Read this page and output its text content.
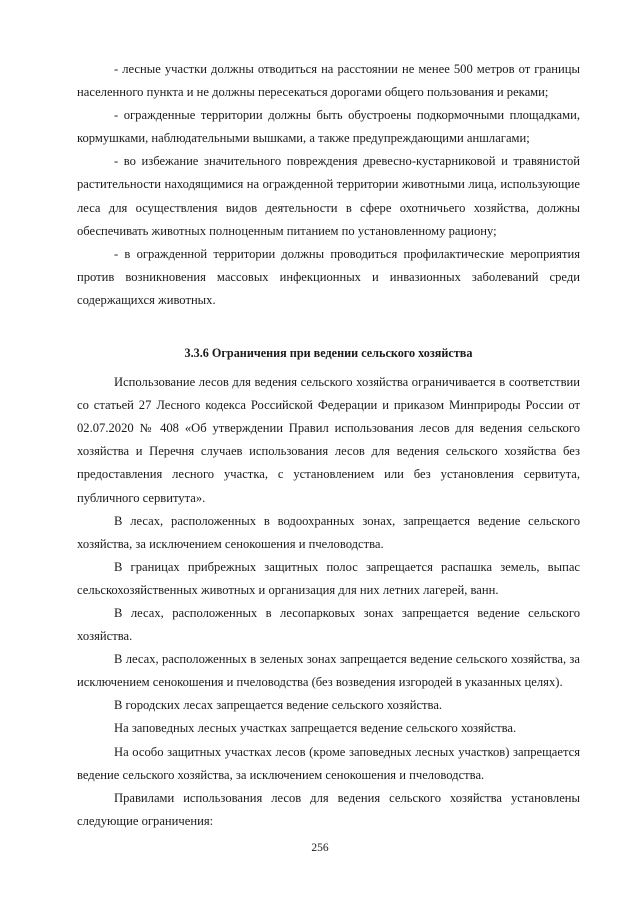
- лесные участки должны отводиться на расстоянии не менее 500 метров от границы населенного пункта и не должны пересекаться дорогами общего пользования и реками;

- огражденные территории должны быть обустроены подкормочными площадками, кормушками, наблюдательными вышками, а также предупреждающими аншлагами;

- во избежание значительного повреждения древесно-кустарниковой и травянистой растительности находящимися на огражденной территории животными лица, использующие леса для осуществления видов деятельности в сфере охотничьего хозяйства, должны обеспечивать животных полноценным питанием по установленному рациону;

- в огражденной территории должны проводиться профилактические мероприятия против возникновения массовых инфекционных и инвазионных заболеваний среди содержащихся животных.

3.3.6 Ограничения при ведении сельского хозяйства

Использование лесов для ведения сельского хозяйства ограничивается в соответствии со статьей 27 Лесного кодекса Российской Федерации и приказом Минприроды России от 02.07.2020 № 408 «Об утверждении Правил использования лесов для ведения сельского хозяйства и Перечня случаев использования лесов для ведения сельского хозяйства без предоставления лесного участка, с установлением или без установления сервитута, публичного сервитута».

В лесах, расположенных в водоохранных зонах, запрещается ведение сельского хозяйства, за исключением сенокошения и пчеловодства.

В границах прибрежных защитных полос запрещается распашка земель, выпас сельскохозяйственных животных и организация для них летних лагерей, ванн.

В лесах, расположенных в лесопарковых зонах запрещается ведение сельского хозяйства.

В лесах, расположенных в зеленых зонах запрещается ведение сельского хозяйства, за исключением сенокошения и пчеловодства (без возведения изгородей в указанных целях).

В городских лесах запрещается ведение сельского хозяйства.

На заповедных лесных участках запрещается ведение сельского хозяйства.

На особо защитных участках лесов (кроме заповедных лесных участков) запрещается ведение сельского хозяйства, за исключением сенокошения и пчеловодства.

Правилами использования лесов для ведения сельского хозяйства установлены следующие ограничения:

256
